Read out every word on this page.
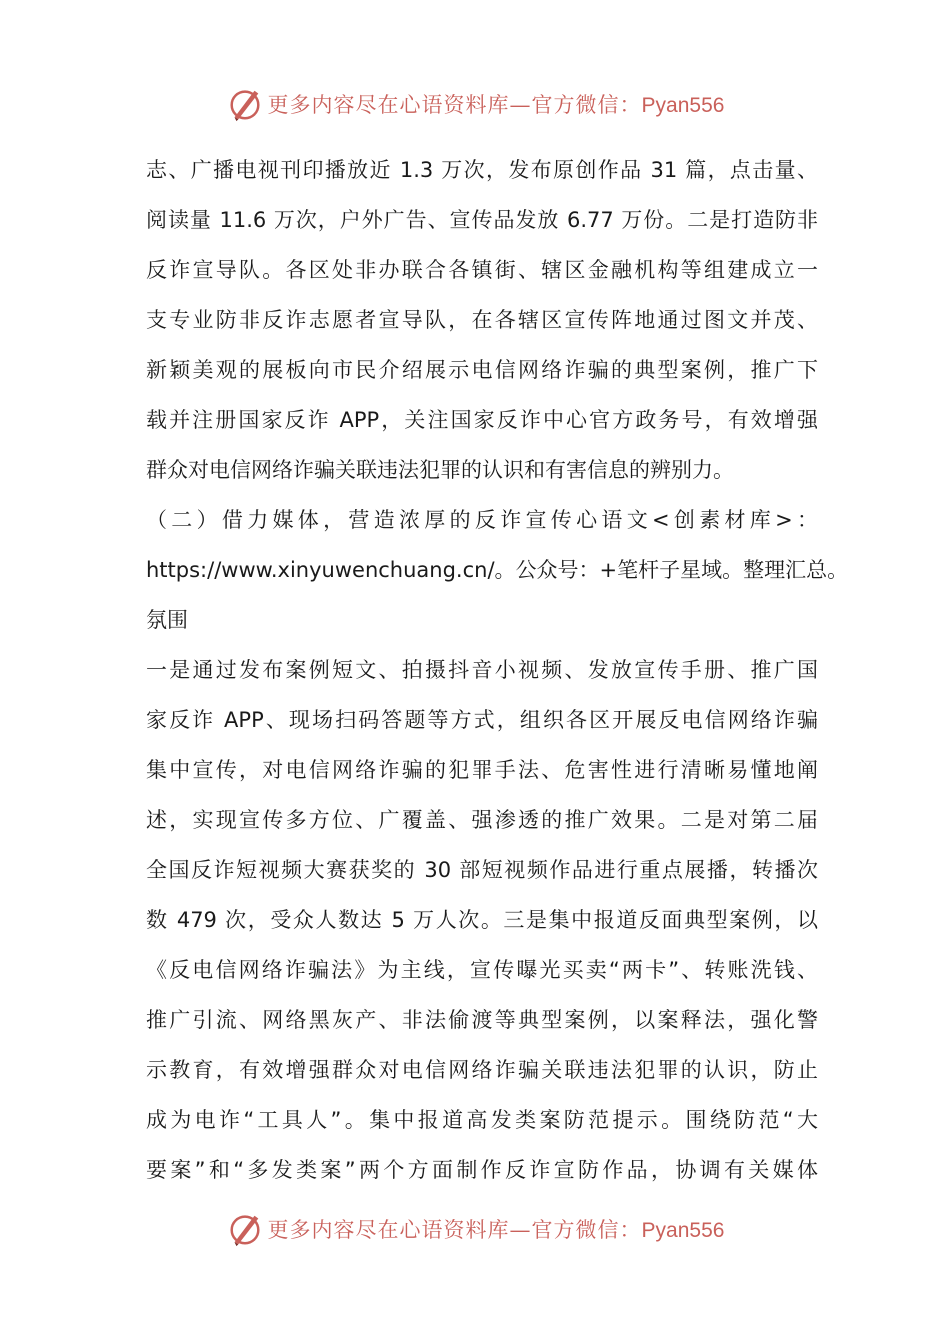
更多内容尽在心语资料库—官方微信：Pyan556
志、广播电视刊印播放近 1.3 万次，发布原创作品 31 篇，点击量、
阅读量 11.6 万次，户外广告、宣传品发放 6.77 万份。二是打造防非
反诈宣导队。各区处非办联合各镇街、辖区金融机构等组建成立一
支专业防非反诈志愿者宣导队，在各辖区宣传阵地通过图文并茂、
新颖美观的展板向市民介绍展示电信网络诈骗的典型案例，推广下
载并注册国家反诈 APP，关注国家反诈中心官方政务号，有效增强
群众对电信网络诈骗关联违法犯罪的认识和有害信息的辨别力。
（二）借力媒体，营造浓厚的反诈宣传心语文<创素材库>：
https://www.xinyuwenchuang.cn/。公众号：+笔杆子星域。整理汇总。
氛围
一是通过发布案例短文、拍摄抖音小视频、发放宣传手册、推广国
家反诈 APP、现场扫码答题等方式，组织各区开展反电信网络诈骗
集中宣传，对电信网络诈骗的犯罪手法、危害性进行清晰易懂地阐
述，实现宣传多方位、广覆盖、强渗透的推广效果。二是对第二届
全国反诈短视频大赛获奖的 30 部短视频作品进行重点展播，转播次
数 479 次，受众人数达 5 万人次。三是集中报道反面典型案例，以
《反电信网络诈骗法》为主线，宣传曝光买卖“两卡”、转账洗钱、
推广引流、网络黑灰产、非法偷渡等典型案例，以案释法，强化警
示教育，有效增强群众对电信网络诈骗关联违法犯罪的认识，防止
成为电诈“工具人”。集中报道高发类案防范提示。围绕防范“大
要案”和“多发类案”两个方面制作反诈宣防作品，协调有关媒体
更多内容尽在心语资料库—官方微信：Pyan556
